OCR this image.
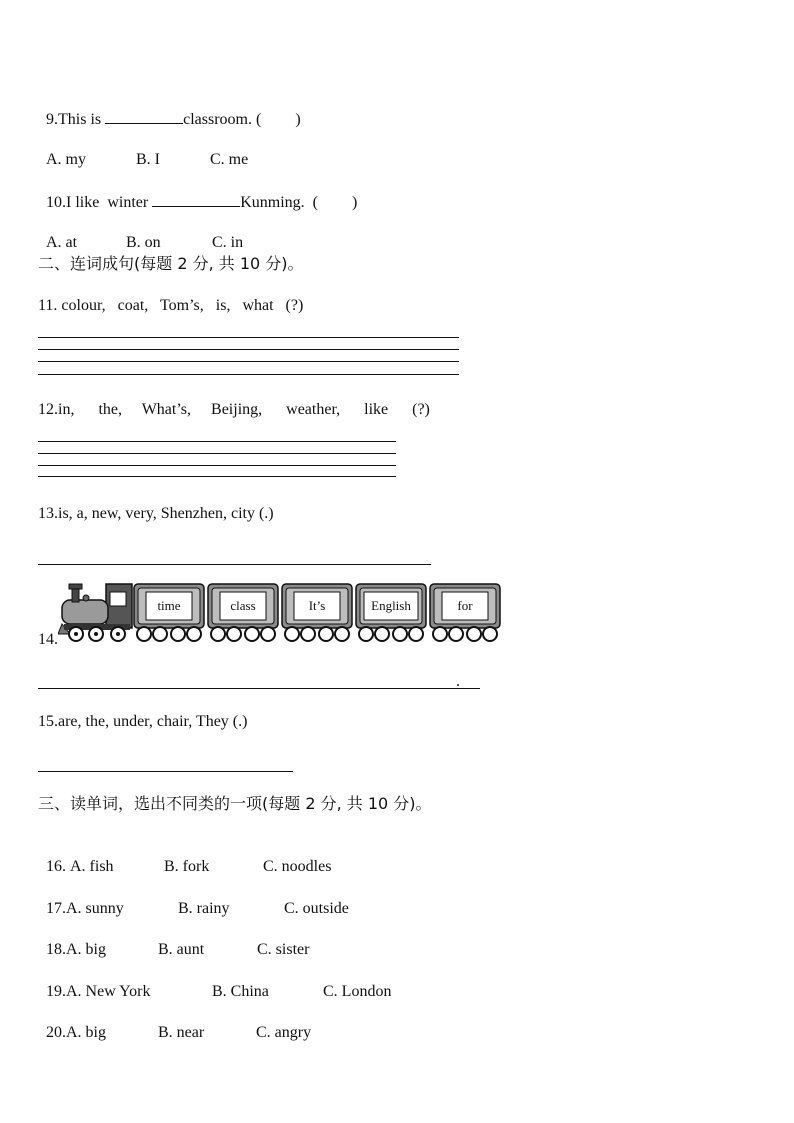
9.This is	classroom. ( )

A. my	B. I	C. me

10.I like  winter	Kunming.  ( )

A. at	B. on	C. in

二、连词成句(每题 2 分, 共 10 分)。
11. colour,   coat,   Tom’s,   is,   what   (?)
12.in,      the,     What’s,     Beijing,      weather,      like      (?)
13.is, a, new, very, Shenzhen, city (.)
14.
time	class	It’s	English	for
.
15.are, the, under, chair, They (.)
三、读单词，选出不同类的一项(每题 2 分, 共 10 分)。

16. A. fish	B. fork	C. noodles

17.A. sunny	B. rainy	C. outside

18.A. big	B. aunt	C. sister

19.A. New York	B. China	C. London

20.A. big	B. near	C. angry
